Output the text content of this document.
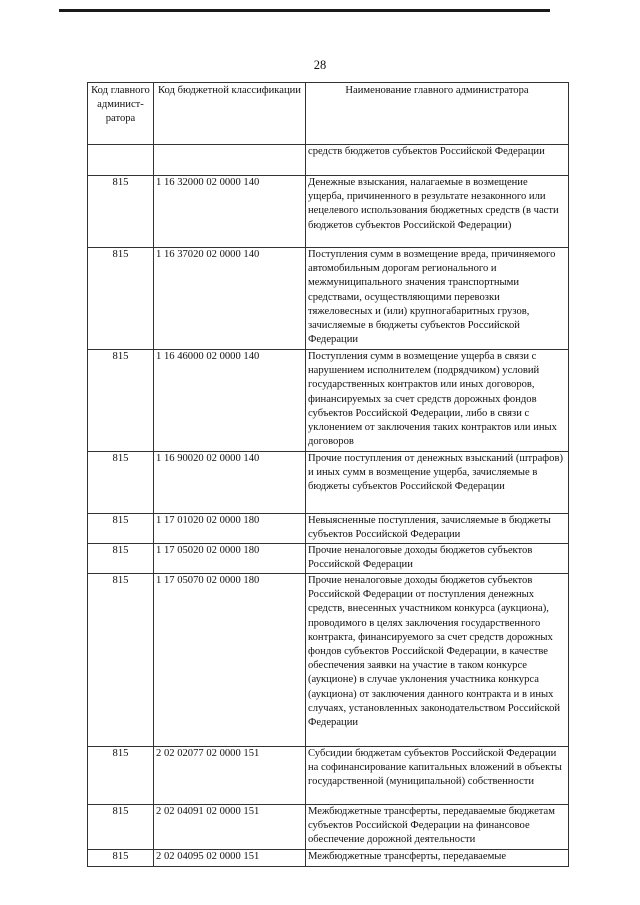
28
Код главного админист-ратора	Код бюджетной классификации	Наименование главного администратора
		средств бюджетов субъектов Российской Федерации
815	1 16 32000 02 0000 140	Денежные взыскания, налагаемые в возмещение ущерба, причиненного в результате незаконного или нецелевого использования бюджетных средств (в части бюджетов субъектов Российской Федерации)
815	1 16 37020 02 0000 140	Поступления сумм в возмещение вреда, причиняемого автомобильным дорогам регионального и межмуниципального значения транспортными средствами, осуществляющими перевозки тяжеловесных и (или) крупногабаритных грузов, зачисляемые в бюджеты субъектов Российской Федерации
815	1 16 46000 02 0000 140	Поступления сумм в возмещение ущерба в связи с нарушением исполнителем (подрядчиком) условий государственных контрактов или иных договоров, финансируемых за счет средств дорожных фондов субъектов Российской Федерации, либо в связи с уклонением от заключения таких контрактов или иных договоров
815	1 16 90020 02 0000 140	Прочие поступления от денежных взысканий (штрафов) и иных сумм в возмещение ущерба, зачисляемые в бюджеты субъектов Российской Федерации
815	1 17 01020 02 0000 180	Невыясненные поступления, зачисляемые в бюджеты субъектов Российской Федерации
815	1 17 05020 02 0000 180	Прочие неналоговые доходы бюджетов субъектов Российской Федерации
815	1 17 05070 02 0000 180	Прочие неналоговые доходы бюджетов субъектов Российской Федерации от поступления денежных средств, внесенных участником конкурса (аукциона), проводимого в целях заключения государственного контракта, финансируемого за счет средств дорожных фондов субъектов Российской Федерации, в качестве обеспечения заявки на участие в таком конкурсе (аукционе) в случае уклонения участника конкурса (аукциона) от заключения данного контракта и в иных случаях, установленных законодательством Российской Федерации
815	2 02 02077 02 0000 151	Субсидии бюджетам субъектов Российской Федерации на софинансирование капитальных вложений в объекты государственной (муниципальной) собственности
815	2 02 04091 02 0000 151	Межбюджетные трансферты, передаваемые бюджетам субъектов Российской Федерации на финансовое обеспечение дорожной деятельности
815	2 02 04095 02 0000 151	Межбюджетные трансферты, передаваемые
